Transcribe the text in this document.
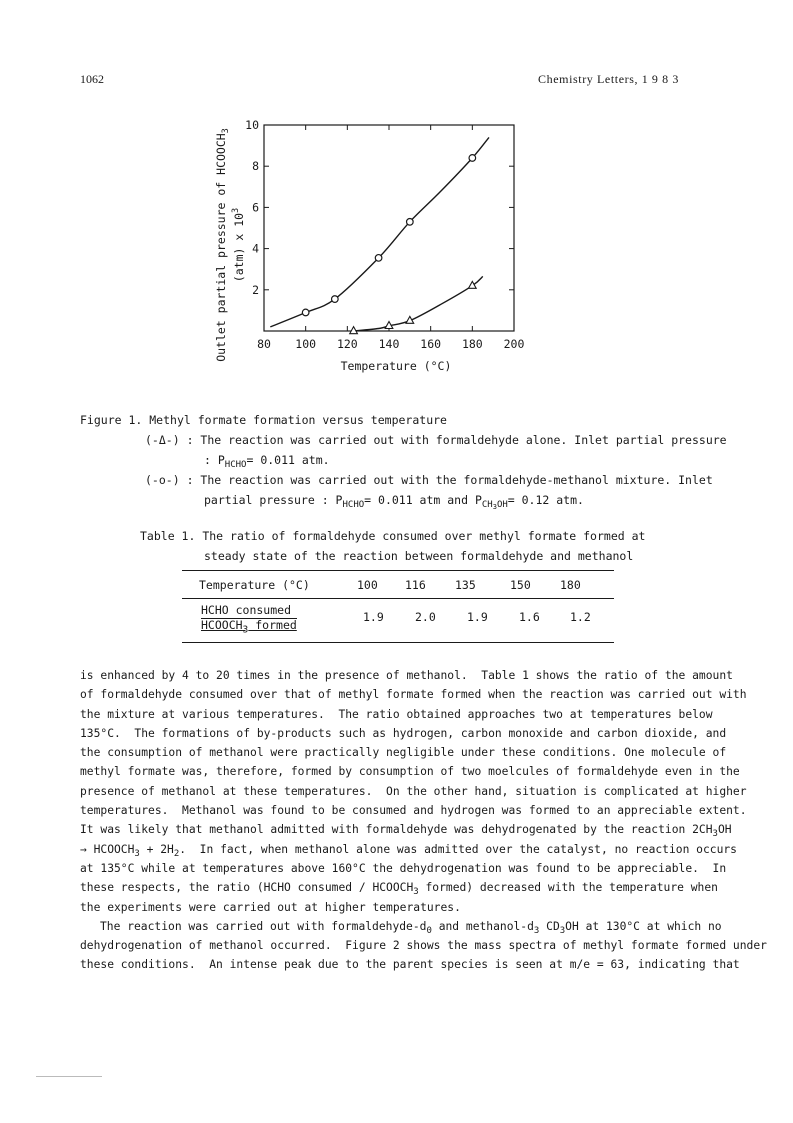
1062	Chemistry Letters, 1 9 8 3
80 100 120 140 160 180 200
2
4
6
8
10
Temperature (°C)
Outlet partial pressure of $HCOOCH_3$
(atm) x $10^3$
Figure 1. Methyl formate formation versus temperature
(-Δ-) : The reaction was carried out with formaldehyde alone. Inlet partial pressure
: $P_{HCHO}= 0.011$ atm.
(-o-) : The reaction was carried out with the formaldehyde-methanol mixture. Inlet
partial pressure : $P_{HCHO}= 0.011$ atm and $P_{CH_3OH}= 0.12$ atm.
Table 1. The ratio of formaldehyde consumed over methyl formate formed at
steady state of the reaction between formaldehyde and methanol
Temperature (°C)	100 116	135	150	180
HCHO consumed
$HCOOCH_3$ formed
1.9	2.0	1.9	1.6	1.2

is enhanced by 4 to 20 times in the presence of methanol.  Table 1 shows the ratio of the amount

of formaldehyde consumed over that of methyl formate formed when the reaction was carried out with

the mixture at various temperatures.  The ratio obtained approaches two at temperatures below

135°C.  The formations of by-products such as hydrogen, carbon monoxide and carbon dioxide, and

the consumption of methanol were practically negligible under these conditions. One molecule of

methyl formate was, therefore, formed by consumption of two moelcules of formaldehyde even in the

presence of methanol at these temperatures.  On the other hand, situation is complicated at higher

temperatures.  Methanol was found to be consumed and hydrogen was formed to an appreciable extent.

It was likely that methanol admitted with formaldehyde was dehydrogenated by the reaction $2CH_3OH$

→ $HCOOCH_3 + 2H_2$.  In fact, when methanol alone was admitted over the catalyst, no reaction occurs

at 135°C while at temperatures above 160°C the dehydrogenation was found to be appreciable.  In

these respects, the ratio (HCHO consumed / $HCOOCH_3$ formed) decreased with the temperature when

the experiments were carried out at higher temperatures.

The reaction was carried out with formaldehyde-$d_0$ and methanol-$d_3$ $CD_3OH$ at 130°C at which no

dehydrogenation of methanol occurred.  Figure 2 shows the mass spectra of methyl formate formed under

these conditions.  An intense peak due to the parent species is seen at m/e = 63, indicating that
